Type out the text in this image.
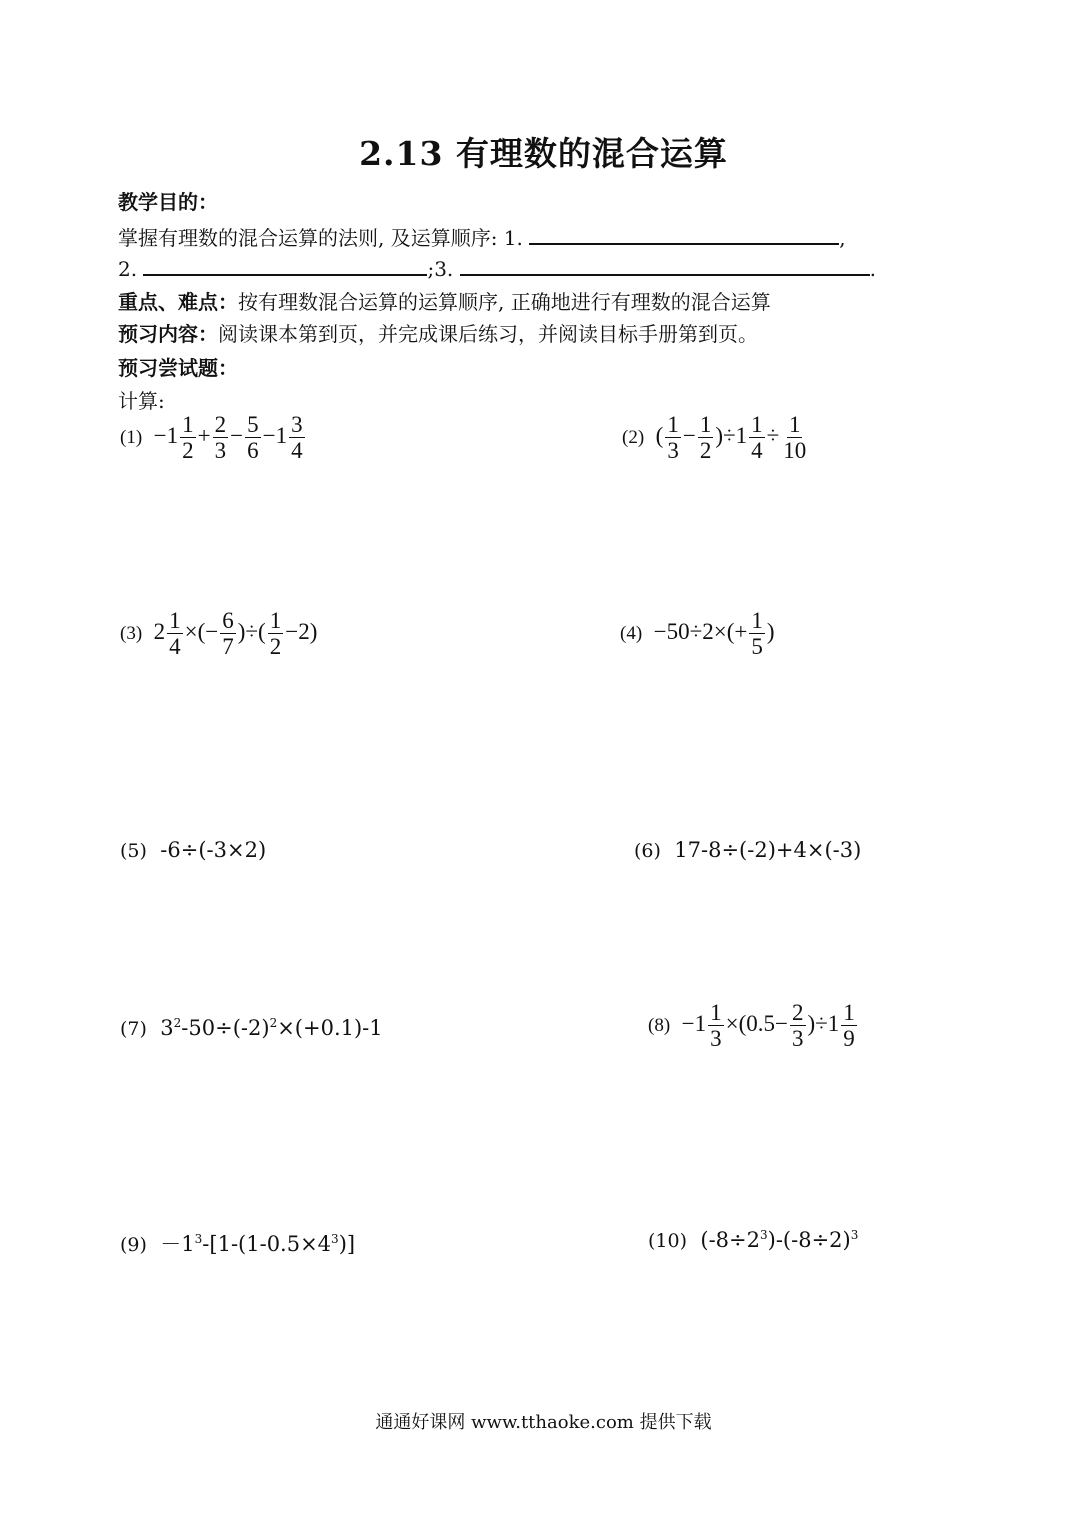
2.13 有理数的混合运算
教学目的：
掌握有理数的混合运算的法则, 及运算顺序: 1.	,
2.	;3.	.
重点、难点：按有理数混合运算的运算顺序, 正确地进行有理数的混合运算
预习内容：阅读课本第到页，并完成课后练习，并阅读目标手册第到页。
预习尝试题：
计算:
$(1) -1 \frac{1}{2} + \frac{2}{3} - \frac{5}{6} -1 \frac{3}{4}$	(2)  ( $\frac{1}{3} - \frac{1}{2} )\div 1 \frac{1}{4} \div \frac{1}{10}$
(3)  $2 \frac{1}{4}$ ×(− $\frac{6}{7}$ )÷( $\frac{1}{2} -2$)	$(4) -50\div 2\times(+ \frac{1}{5}$ )
(5) -6÷(-3×2)	(6) 17-8÷(-2)+4×(-3)
(7) $3^2-50\div(-2)^2\times(+0.1)-1$	$(8) -1 \frac{1}{3} \times(0.5- \frac{2}{3} )\div 1 \frac{1}{9}$
$(9) -1^3-[1-(1-0.5\times 4^3)]$	(10) $(-8\div 2^3)-(-8\div 2)^3$
通通好课网 www.tthaoke.com 提供下载
